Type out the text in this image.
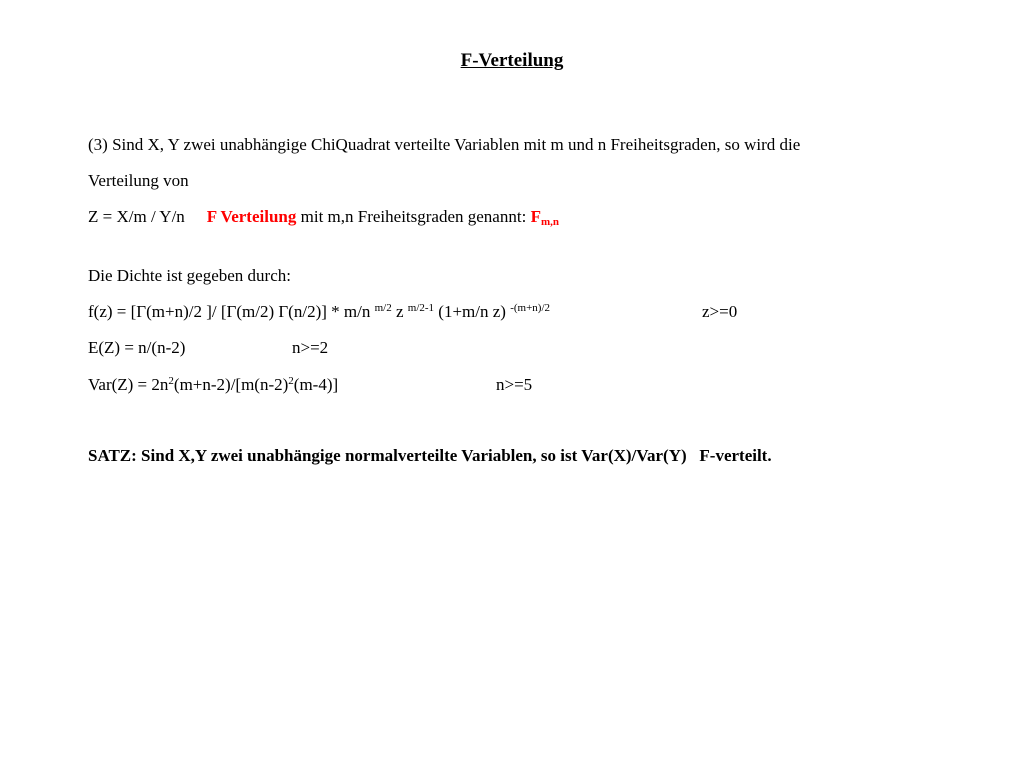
F-Verteilung
(3) Sind X, Y zwei unabhängige ChiQuadrat verteilte Variablen mit m und n Freiheitsgraden, so wird die
Verteilung von
Z = X/m / Y/n F Verteilung mit m,n Freiheitsgraden genannt: $F_{m,n}$
Die Dichte ist gegeben durch:
f(z) = [Γ(m+n)/2 ]/ [Γ(m/2) Γ(n/2)] * m/n $^{m/2}$ z $^{m/2-1}$ (1+m/n z) $^{-(m+n)/2}$	z>=0
E(Z) = n/(n-2)	n>=2
$Var(Z) = 2n^2(m+n-2)/[m(n-2)^2(m-4)]$	n>=5
SATZ: Sind X,Y zwei unabhängige normalverteilte Variablen, so ist Var(X)/Var(Y)   F-verteilt.
